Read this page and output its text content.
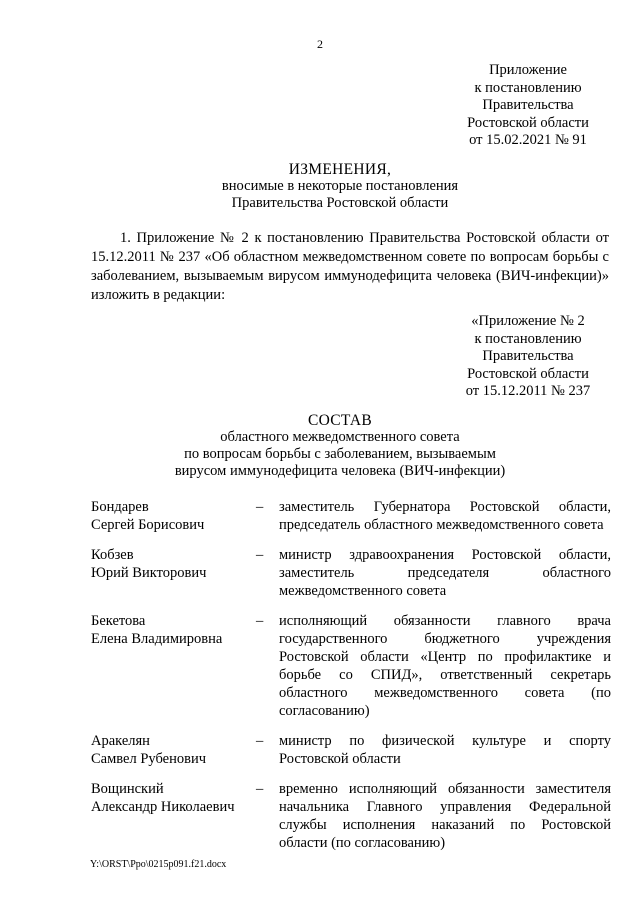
2
Приложение
к постановлению
Правительства
Ростовской области
от 15.02.2021 № 91
ИЗМЕНЕНИЯ,
вносимые в некоторые постановления
Правительства Ростовской области
1. Приложение № 2 к постановлению Правительства Ростовской области от 15.12.2011 № 237 «Об областном межведомственном совете по вопросам борьбы с заболеванием, вызываемым вирусом иммунодефицита человека (ВИЧ-инфекции)» изложить в редакции:
«Приложение № 2
к постановлению
Правительства
Ростовской области
от 15.12.2011 № 237
СОСТАВ
областного межведомственного совета
по вопросам борьбы с заболеванием, вызываемым
вирусом иммунодефицита человека (ВИЧ-инфекции)
Бондарев
Сергей Борисович
–	заместитель Губернатора Ростовской области, председатель областного межведомственного совета
Кобзев
Юрий Викторович
–	министр здравоохранения Ростовской области, заместитель председателя областного межведомственного совета
Бекетова
Елена Владимировна
–	исполняющий обязанности главного врача государственного бюджетного учреждения Ростовской области «Центр по профилактике и борьбе со СПИД», ответственный секретарь областного межведомственного совета (по согласованию)
Аракелян
Самвел Рубенович
–	министр по физической культуре и спорту Ростовской области
Вощинский
Александр Николаевич
–	временно исполняющий обязанности заместителя начальника Главного управления Федеральной службы исполнения наказаний по Ростовской области (по согласованию)
Y:\ORST\Ppo\0215p091.f21.docx
